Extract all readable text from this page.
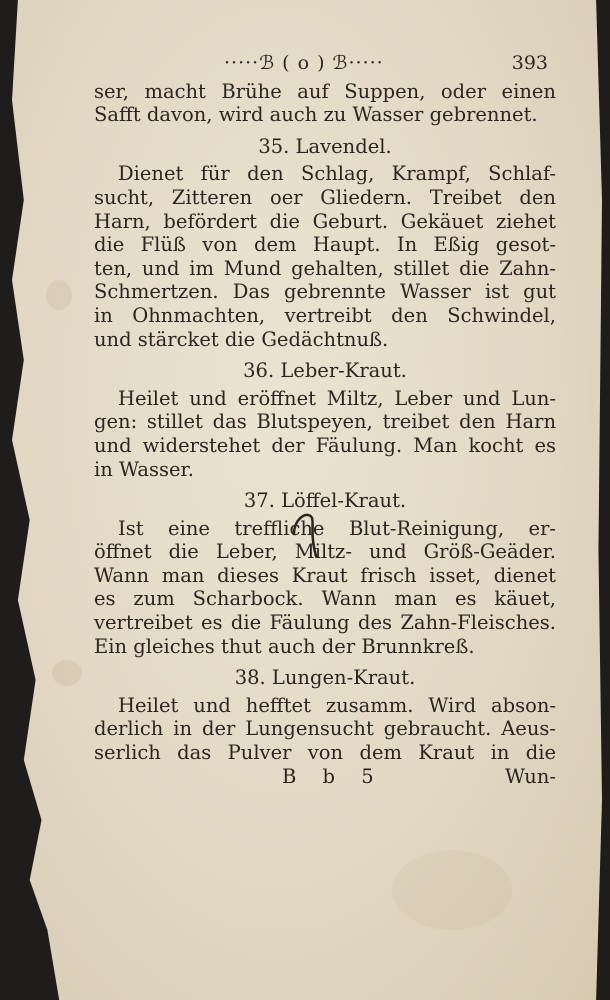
·····ℬ ( o ) ℬ·····	393
ser, macht Brühe auf Suppen, oder einen
Safft davon, wird auch zu Wasser gebrennet.
35. Lavendel.
Dienet für den Schlag, Krampf, Schlaf-
sucht, Zitteren oer Gliedern. Treibet den
Harn, befördert die Geburt. Gekäuet ziehet
die Flüß von dem Haupt. In Eßig gesot-
ten, und im Mund gehalten, stillet die Zahn-
Schmertzen. Das gebrennte Wasser ist gut
in Ohnmachten, vertreibt den Schwindel,
und stärcket die Gedächtnuß.
36. Leber-Kraut.
Heilet und eröffnet Miltz, Leber und Lun-
gen: stillet das Blutspeyen, treibet den Harn
und widerstehet der Fäulung. Man kocht es
in Wasser.
37. Löffel-Kraut.
Ist eine treffliche Blut-Reinigung, er-
öffnet die Leber, Miltz- und Größ-Geäder.
Wann man dieses Kraut frisch isset, dienet
es zum Scharbock. Wann man es käuet,
vertreibet es die Fäulung des Zahn-Fleisches.
Ein gleiches thut auch der Brunnkreß.
38. Lungen-Kraut.
Heilet und hefftet zusamm. Wird abson-
derlich in der Lungensucht gebraucht. Aeus-
serlich das Pulver von dem Kraut in die
B b 5	Wun-
